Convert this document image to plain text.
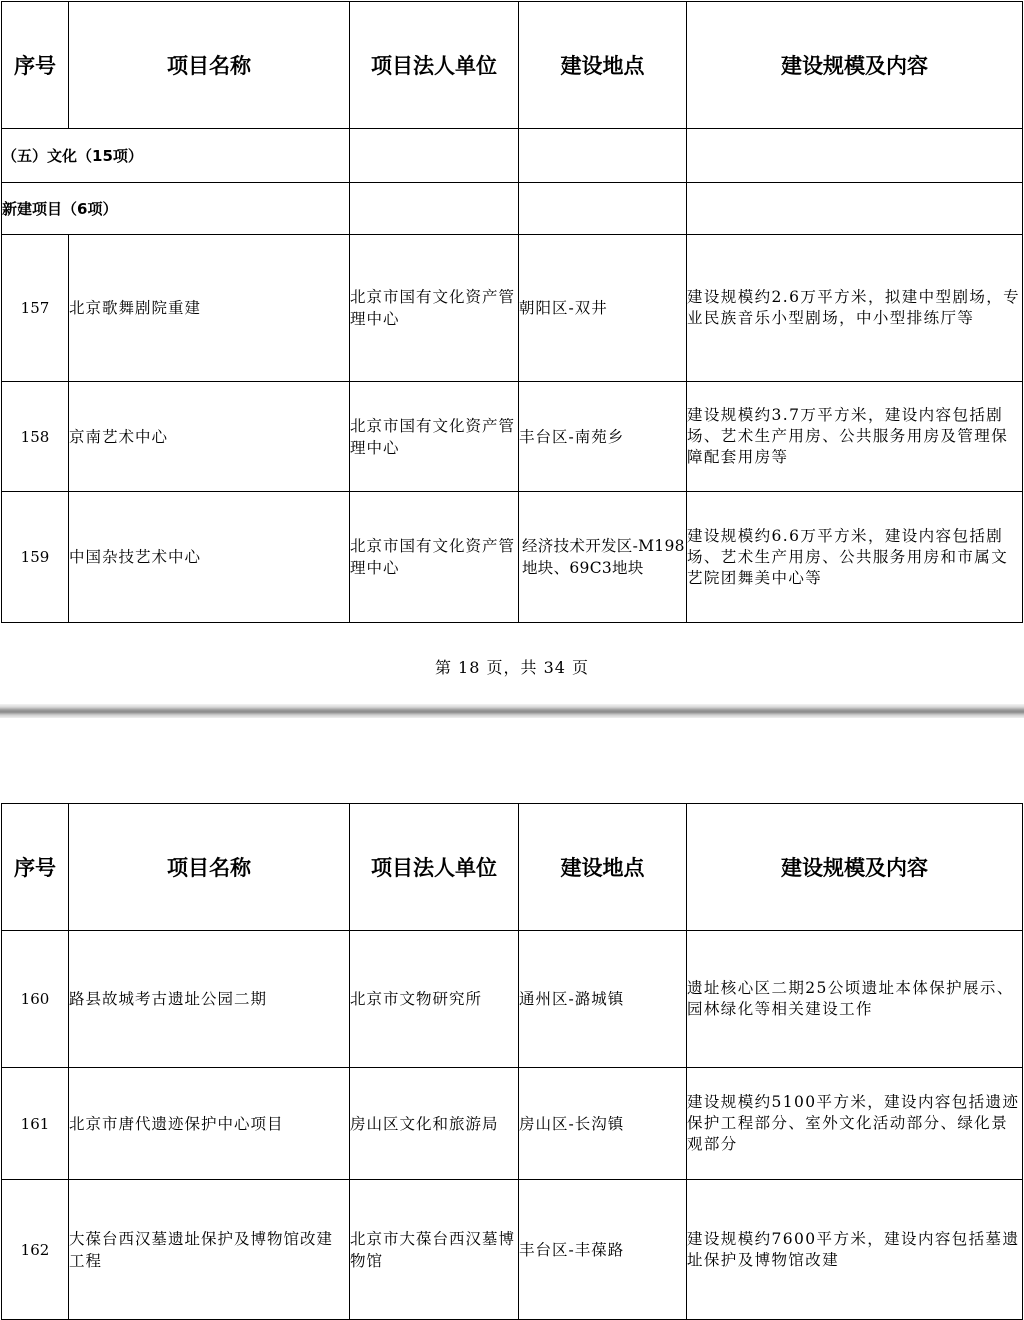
序号	项目名称	项目法人单位	建设地点	建设规模及内容
（五）文化（15项）				
新建项目（6项）				
157	北京歌舞剧院重建	北京市国有文化资产管理中心	朝阳区-双井	建设规模约2.6万平方米，拟建中型剧场，专业民族音乐小型剧场，中小型排练厅等
158	京南艺术中心	北京市国有文化资产管理中心	丰台区-南苑乡	建设规模约3.7万平方米，建设内容包括剧场、艺术生产用房、公共服务用房及管理保障配套用房等
159	中国杂技艺术中心	北京市国有文化资产管理中心	经济技术开发区-M198地块、69C3地块	建设规模约6.6万平方米，建设内容包括剧场、艺术生产用房、公共服务用房和市属文艺院团舞美中心等
第 18 页，共 34 页
序号	项目名称	项目法人单位	建设地点	建设规模及内容
160	路县故城考古遗址公园二期	北京市文物研究所	通州区-潞城镇	遗址核心区二期25公顷遗址本体保护展示、园林绿化等相关建设工作
161	北京市唐代遗迹保护中心项目	房山区文化和旅游局	房山区-长沟镇	建设规模约5100平方米，建设内容包括遗迹保护工程部分、室外文化活动部分、绿化景观部分
162	大葆台西汉墓遗址保护及博物馆改建工程	北京市大葆台西汉墓博物馆	丰台区-丰葆路	建设规模约7600平方米，建设内容包括墓遗址保护及博物馆改建
